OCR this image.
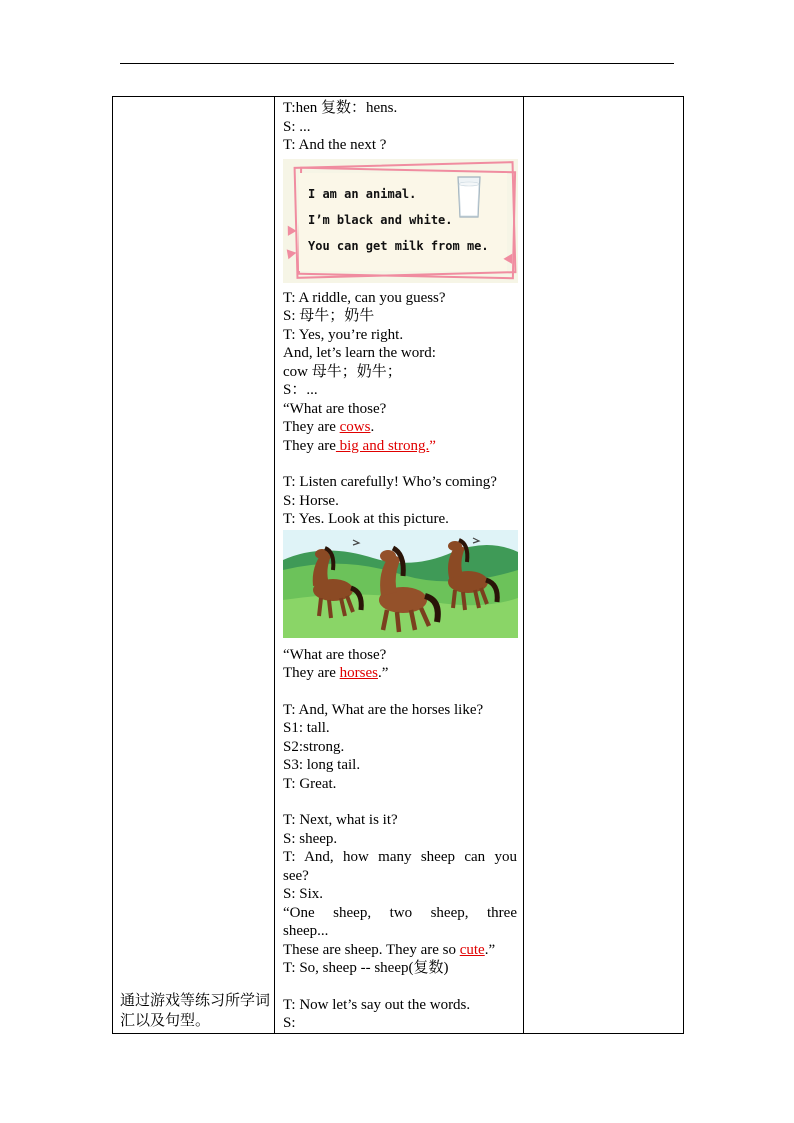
通过游戏等练习所学词汇以及句型。

T:hen 复数：hens.

S: ...

T: And the next ?

I am an animal.
I’m black and white.
You can get milk from me.

T: A riddle, can you guess?

S: 母牛；奶牛

T: Yes, you’re right.

And, let’s learn the word:

cow 母牛；奶牛；

S：...

“What are those?

They are cows.

They are big and strong.”

T: Listen carefully! Who’s coming?

S: Horse.

T: Yes. Look at this picture.

“What are those?

They are horses.”

T: And, What are the horses like?

S1: tall.

S2:strong.

S3: long tail.

T: Great.

T: Next, what is it?

S: sheep.

T: And, how many sheep can you

see?

S: Six.

“One sheep, two sheep, three

sheep...

These are sheep. They are so cute.”

T: So, sheep -- sheep(复数)

T: Now let’s say out the words.

S:
